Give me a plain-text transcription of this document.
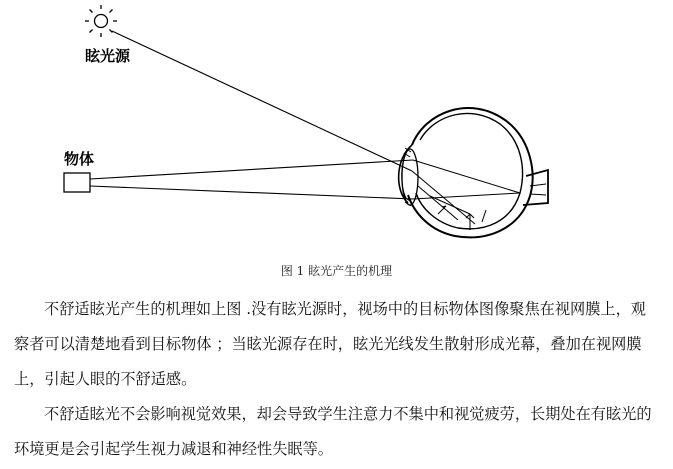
眩光源
物体
图 1 眩光产生的机理

不舒适眩光产生的机理如上图 .没有眩光源时，视场中的目标物体图像聚焦在视网膜上，观察者可以清楚地看到目标物体 ；当眩光源存在时，眩光光线发生散射形成光幕，叠加在视网膜上，引起人眼的不舒适感。

不舒适眩光不会影响视觉效果，却会导致学生注意力不集中和视觉疲劳，长期处在有眩光的环境更是会引起学生视力减退和神经性失眠等。
